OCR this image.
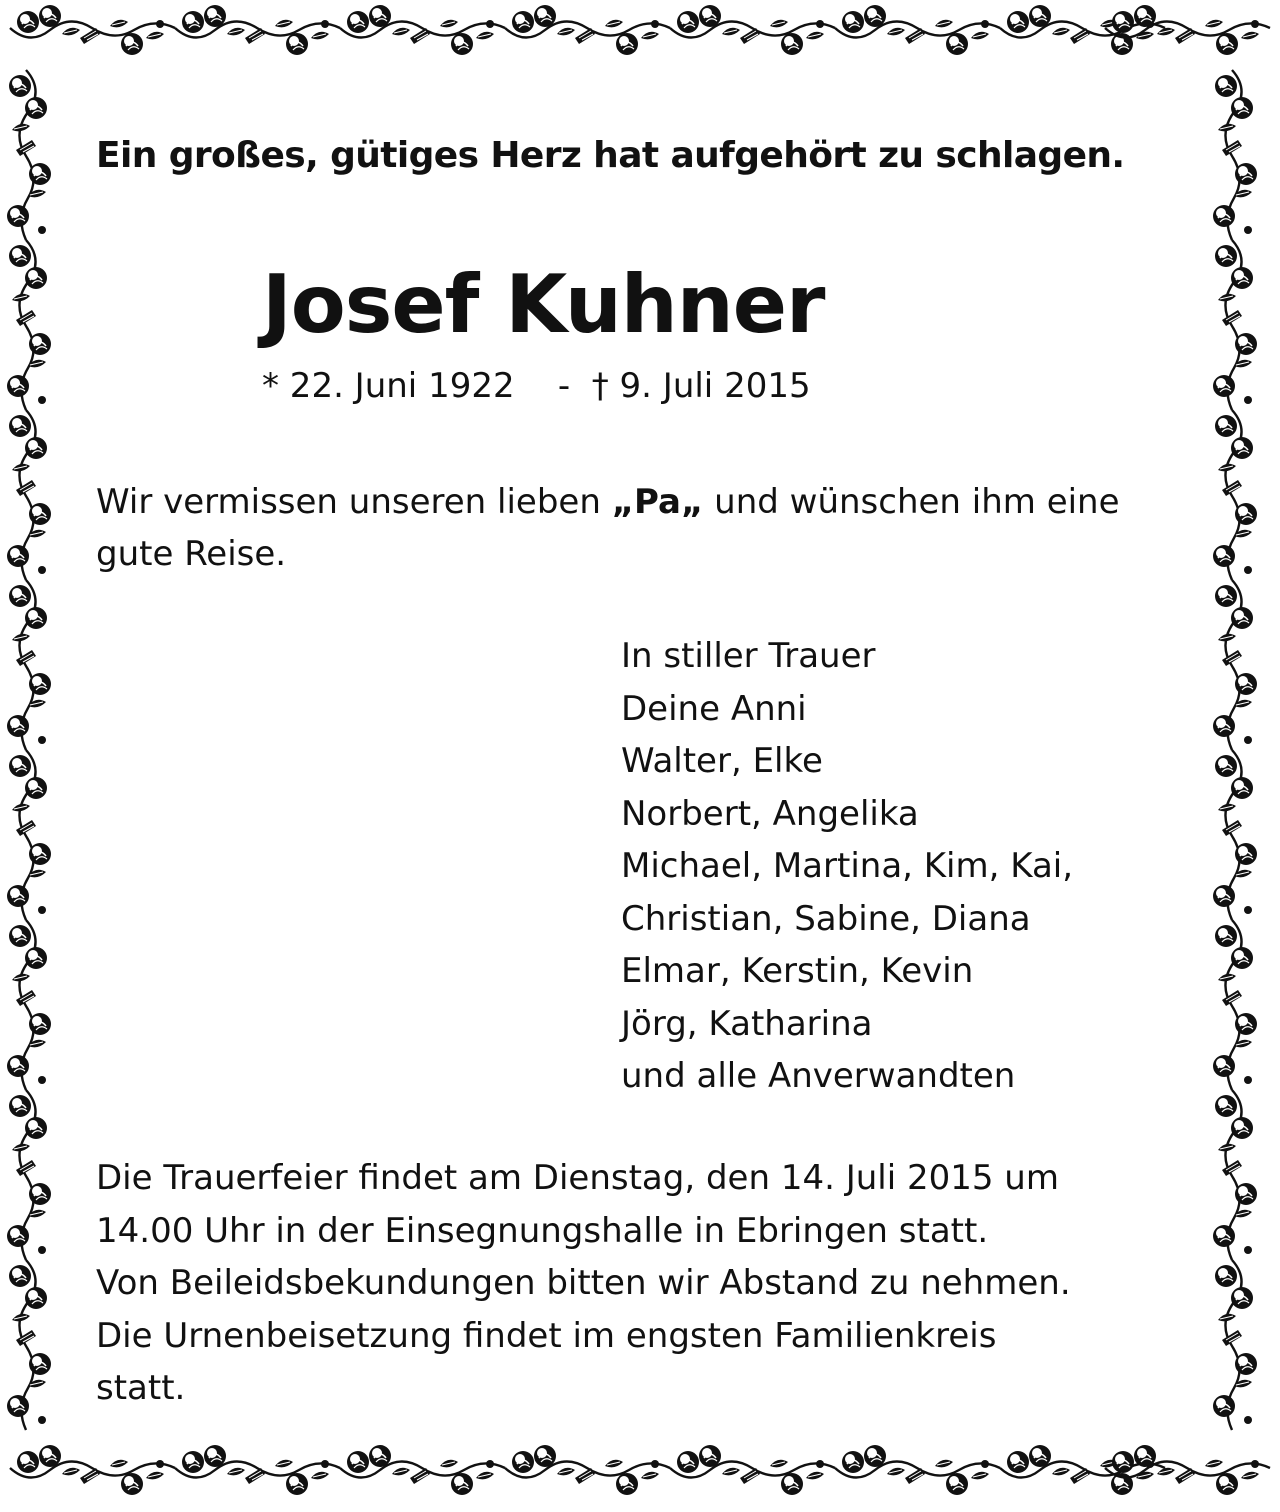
Ein großes, gütiges Herz hat aufgehört zu schlagen.
Josef Kuhner
* 22. Juni 1922 - † 9. Juli 2015
Wir vermissen unseren lieben „Pa„ und wünschen ihm eine gute Reise.
In stiller Trauer
Deine Anni
Walter, Elke
Norbert, Angelika
Michael, Martina, Kim, Kai,
Christian, Sabine, Diana
Elmar, Kerstin, Kevin
Jörg, Katharina
und alle Anverwandten
Die Trauerfeier findet am Dienstag, den 14. Juli 2015 um
14.00 Uhr in der Einsegnungshalle in Ebringen statt.
Von Beileidsbekundungen bitten wir Abstand zu nehmen.
Die Urnenbeisetzung findet im engsten Familienkreis
statt.
